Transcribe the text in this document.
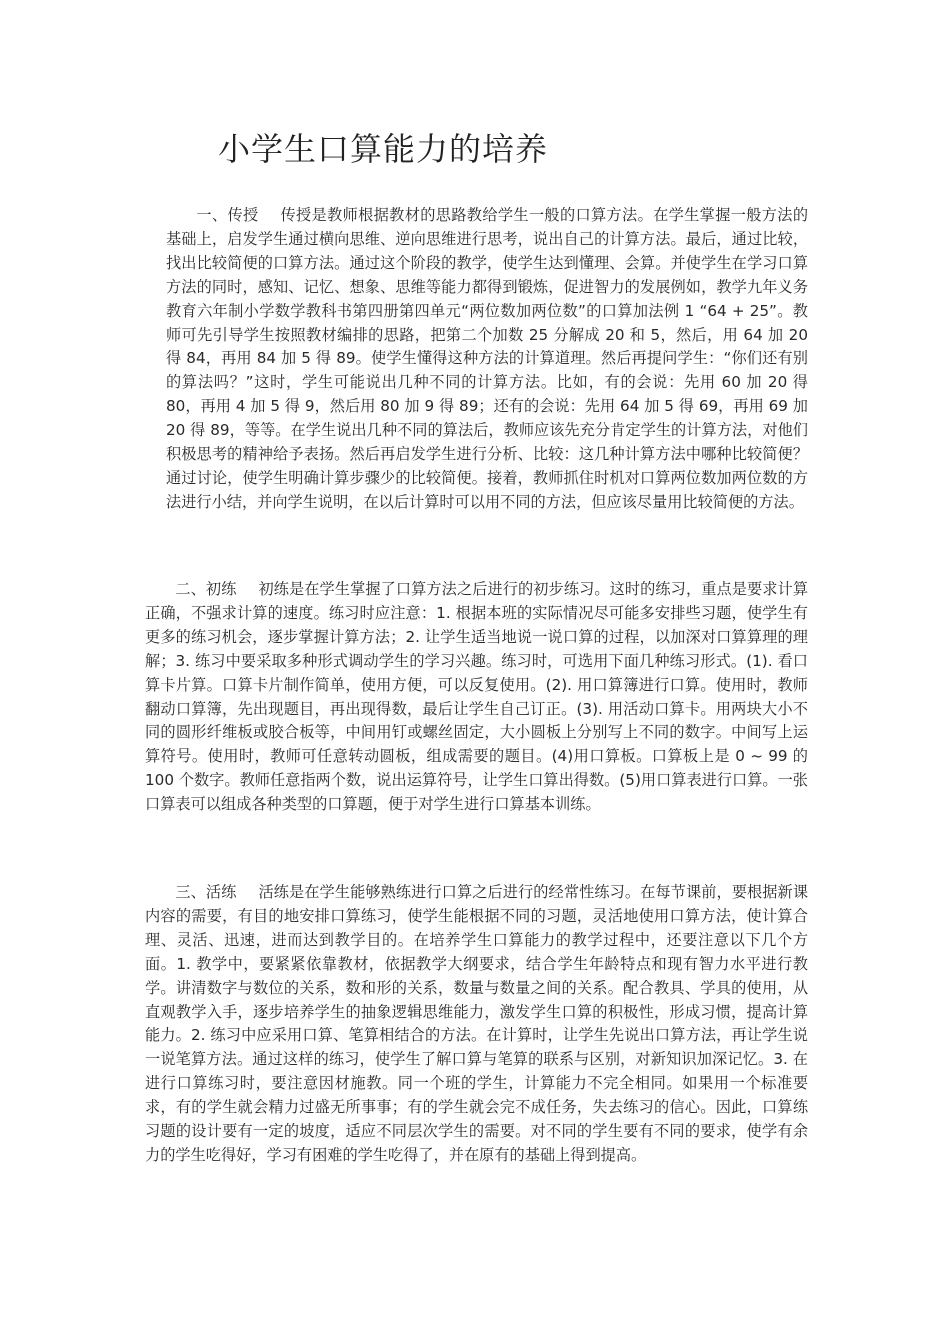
小学生口算能力的培养

一、传授 传授是教师根据教材的思路教给学生一般的口算方法。在学生掌握一般方法的基础上，启发学生通过横向思维、逆向思维进行思考，说出自己的计算方法。最后，通过比较，找出比较简便的口算方法。通过这个阶段的教学，使学生达到懂理、会算。并使学生在学习口算方法的同时，感知、记忆、想象、思维等能力都得到锻炼，促进智力的发展例如，教学九年义务教育六年制小学数学教科书第四册第四单元“两位数加两位数”的口算加法例 1 “64 + 25”。教师可先引导学生按照教材编排的思路，把第二个加数 25 分解成 20 和 5，然后，用 64 加 20 得 84，再用 84 加 5 得 89。使学生懂得这种方法的计算道理。然后再提问学生：“你们还有别的算法吗？”这时，学生可能说出几种不同的计算方法。比如，有的会说：先用 60 加 20 得 80，再用 4 加 5 得 9，然后用 80 加 9 得 89；还有的会说：先用 64 加 5 得 69，再用 69 加 20 得 89，等等。在学生说出几种不同的算法后，教师应该先充分肯定学生的计算方法，对他们积极思考的精神给予表扬。然后再启发学生进行分析、比较：这几种计算方法中哪种比较简便？通过讨论，使学生明确计算步骤少的比较简便。接着，教师抓住时机对口算两位数加两位数的方法进行小结，并向学生说明，在以后计算时可以用不同的方法，但应该尽量用比较简便的方法。

二、初练 初练是在学生掌握了口算方法之后进行的初步练习。这时的练习，重点是要求计算正确，不强求计算的速度。练习时应注意：1. 根据本班的实际情况尽可能多安排些习题，使学生有更多的练习机会，逐步掌握计算方法；2. 让学生适当地说一说口算的过程，以加深对口算算理的理解；3. 练习中要采取多种形式调动学生的学习兴趣。练习时，可选用下面几种练习形式。(1). 看口算卡片算。口算卡片制作简单，使用方便，可以反复使用。(2). 用口算簿进行口算。使用时，教师翻动口算簿，先出现题目，再出现得数，最后让学生自己订正。(3). 用活动口算卡。用两块大小不同的圆形纤维板或胶合板等，中间用钉或螺丝固定，大小圆板上分别写上不同的数字。中间写上运算符号。使用时，教师可任意转动圆板，组成需要的题目。(4)用口算板。口算板上是 0 ~ 99 的 100 个数字。教师任意指两个数，说出运算符号，让学生口算出得数。(5)用口算表进行口算。一张口算表可以组成各种类型的口算题，便于对学生进行口算基本训练。

三、活练 活练是在学生能够熟练进行口算之后进行的经常性练习。在每节课前，要根据新课内容的需要，有目的地安排口算练习，使学生能根据不同的习题，灵活地使用口算方法，使计算合理、灵活、迅速，进而达到教学目的。在培养学生口算能力的教学过程中，还要注意以下几个方面。1. 教学中，要紧紧依靠教材，依据教学大纲要求，结合学生年龄特点和现有智力水平进行教学。讲清数字与数位的关系，数和形的关系，数量与数量之间的关系。配合教具、学具的使用，从直观教学入手，逐步培养学生的抽象逻辑思维能力，激发学生口算的积极性，形成习惯，提高计算能力。2. 练习中应采用口算、笔算相结合的方法。在计算时，让学生先说出口算方法，再让学生说一说笔算方法。通过这样的练习，使学生了解口算与笔算的联系与区别，对新知识加深记忆。3. 在进行口算练习时，要注意因材施教。同一个班的学生，计算能力不完全相同。如果用一个标准要求，有的学生就会精力过盛无所事事；有的学生就会完不成任务，失去练习的信心。因此，口算练习题的设计要有一定的坡度，适应不同层次学生的需要。对不同的学生要有不同的要求，使学有余力的学生吃得好，学习有困难的学生吃得了，并在原有的基础上得到提高。
